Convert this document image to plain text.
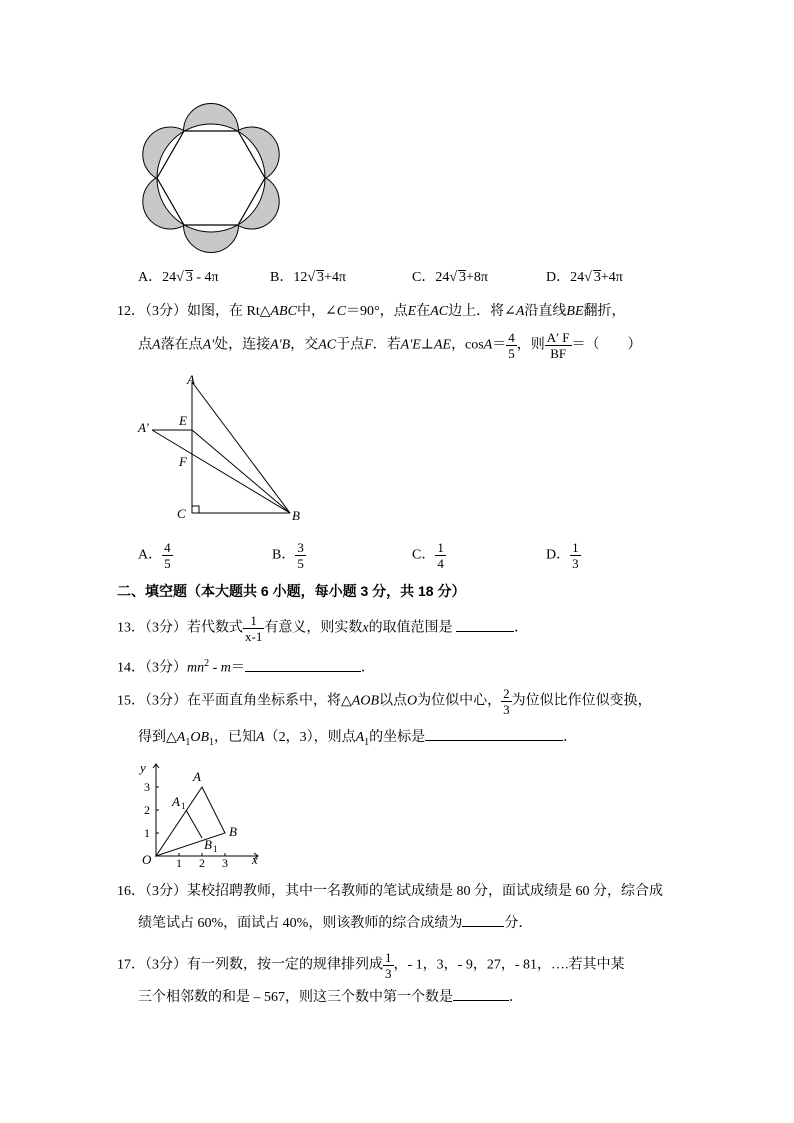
A．24√ 3 - 4π	B．12√ 3+4π	C．24√ 3+8π	D．24√ 3+4π
12．（3分）如图，在 Rt△ABC中，∠C＝90°，点E在AC边上．将∠A沿直线BE翻折，
点A落在点A'处，连接A'B，交AC于点F．若A'E⊥AE，$\cos A= \frac{4}{5}$ ，则 $\frac{A' F}{BF}$ ＝（　　）
A
E
A′
F
C	B
A． $\frac{4}{5}$	B． $\frac{3}{5}$	C． $\frac{1}{4}$	D． $\frac{1}{3}$
二、填空题（本大题共 6 小题，每小题 3 分，共 18 分）
13．（3分）若代数式 $\frac{1}{x-1}$ 有意义，则实数x的取值范围是	．
14．（3分）$mn^2 - m=$	．
15．（3分）在平面直角坐标系中，将△AOB以点O为位似中心， $\frac{2}{3}$ 为位似比作位似变换，
得到$\triangle A_1OB_1$，已知A（2，3），则点$A_1$的坐标是	．
y
x
O 1 2 3
1
2
3
A
A 1
B
B 1
16．（3分）某校招聘教师，其中一名教师的笔试成绩是 80 分，面试成绩是 60 分，综合成
绩笔试占 60%，面试占 40%，则该教师的综合成绩为	分．
17．（3分）有一列数，按一定的规律排列成 $\frac{1}{3}$ ，- 1，3，- 9，27，- 81，….若其中某
三个相邻数的和是 – 567，则这三个数中第一个数是	．
